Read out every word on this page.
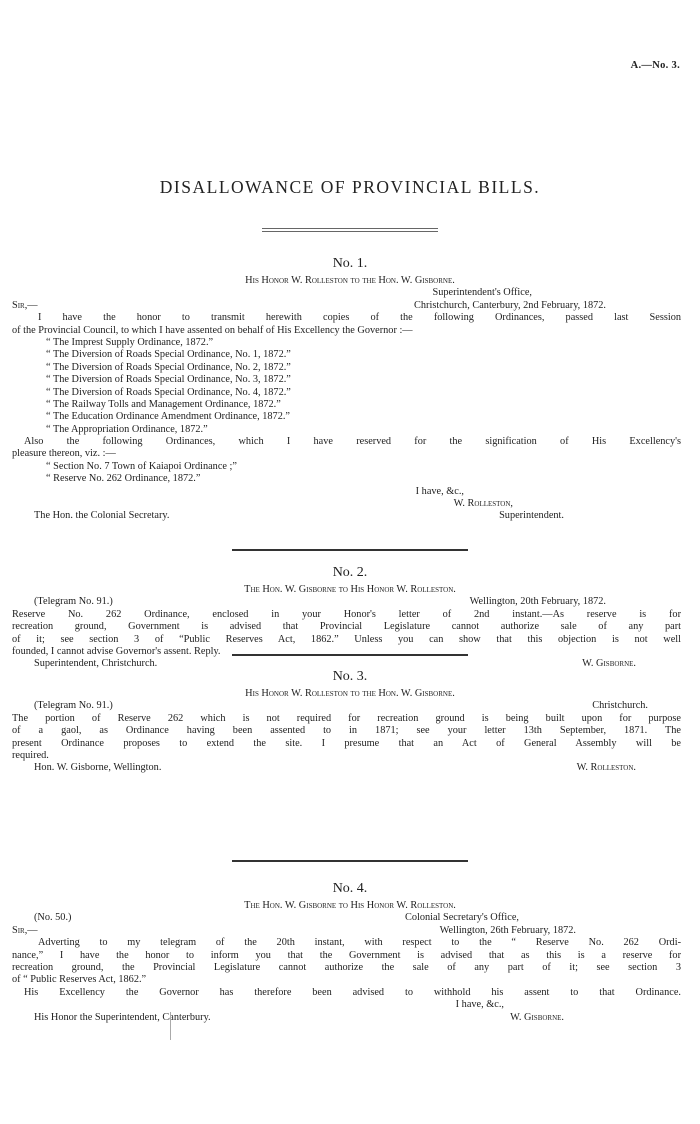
A.—No. 3.
DISALLOWANCE OF PROVINCIAL BILLS.
No. 1.
His Honor W. Rolleston to the Hon. W. Gisborne.
Superintendent's Office,
Sir,—	Christchurch, Canterbury, 2nd February, 1872.
I have the honor to transmit herewith copies of the following Ordinances, passed last Session
of the Provincial Council, to which I have assented on behalf of His Excellency the Governor :—
“ The Imprest Supply Ordinance, 1872.”
“ The Diversion of Roads Special Ordinance, No. 1, 1872.”
“ The Diversion of Roads Special Ordinance, No. 2, 1872.”
“ The Diversion of Roads Special Ordinance, No. 3, 1872.”
“ The Diversion of Roads Special Ordinance, No. 4, 1872.”
“ The Railway Tolls and Management Ordinance, 1872.”
“ The Education Ordinance Amendment Ordinance, 1872.”
“ The Appropriation Ordinance, 1872.”
Also the following Ordinances, which I have reserved for the signification of His Excellency's
pleasure thereon, viz. :—
“ Section No. 7 Town of Kaiapoi Ordinance ;”
“ Reserve No. 262 Ordinance, 1872.”
I have, &c.,
W. Rolleston,
The Hon. the Colonial Secretary.	Superintendent.
No. 2.
The Hon. W. Gisborne to His Honor W. Rolleston.
(Telegram No. 91.)	Wellington, 20th February, 1872.
Reserve No. 262 Ordinance, enclosed in your Honor's letter of 2nd instant.—As reserve is for
recreation ground, Government is advised that Provincial Legislature cannot authorize sale of any part
of it; see section 3 of “Public Reserves Act, 1862.” Unless you can show that this objection is not well
founded, I cannot advise Governor's assent. Reply.
Superintendent, Christchurch.	W. Gisborne.
No. 3.
His Honor W. Rolleston to the Hon. W. Gisborne.
(Telegram No. 91.)	Christchurch.
The portion of Reserve 262 which is not required for recreation ground is being built upon for purpose
of a gaol, as Ordinance having been assented to in 1871; see your letter 13th September, 1871. The
present Ordinance proposes to extend the site. I presume that an Act of General Assembly will be
required.
Hon. W. Gisborne, Wellington.	W. Rolleston.
No. 4.
The Hon. W. Gisborne to His Honor W. Rolleston.
(No. 50.)	Colonial Secretary's Office,
Sir,—	Wellington, 26th February, 1872.
Adverting to my telegram of the 20th instant, with respect to the “ Reserve No. 262 Ordi-
nance,” I have the honor to inform you that the Government is advised that as this is a reserve for
recreation ground, the Provincial Legislature cannot authorize the sale of any part of it; see section 3
of “ Public Reserves Act, 1862.”
His Excellency the Governor has therefore been advised to withhold his assent to that Ordinance.
I have, &c.,
His Honor the Superintendent, Canterbury.	W. Gisborne.
